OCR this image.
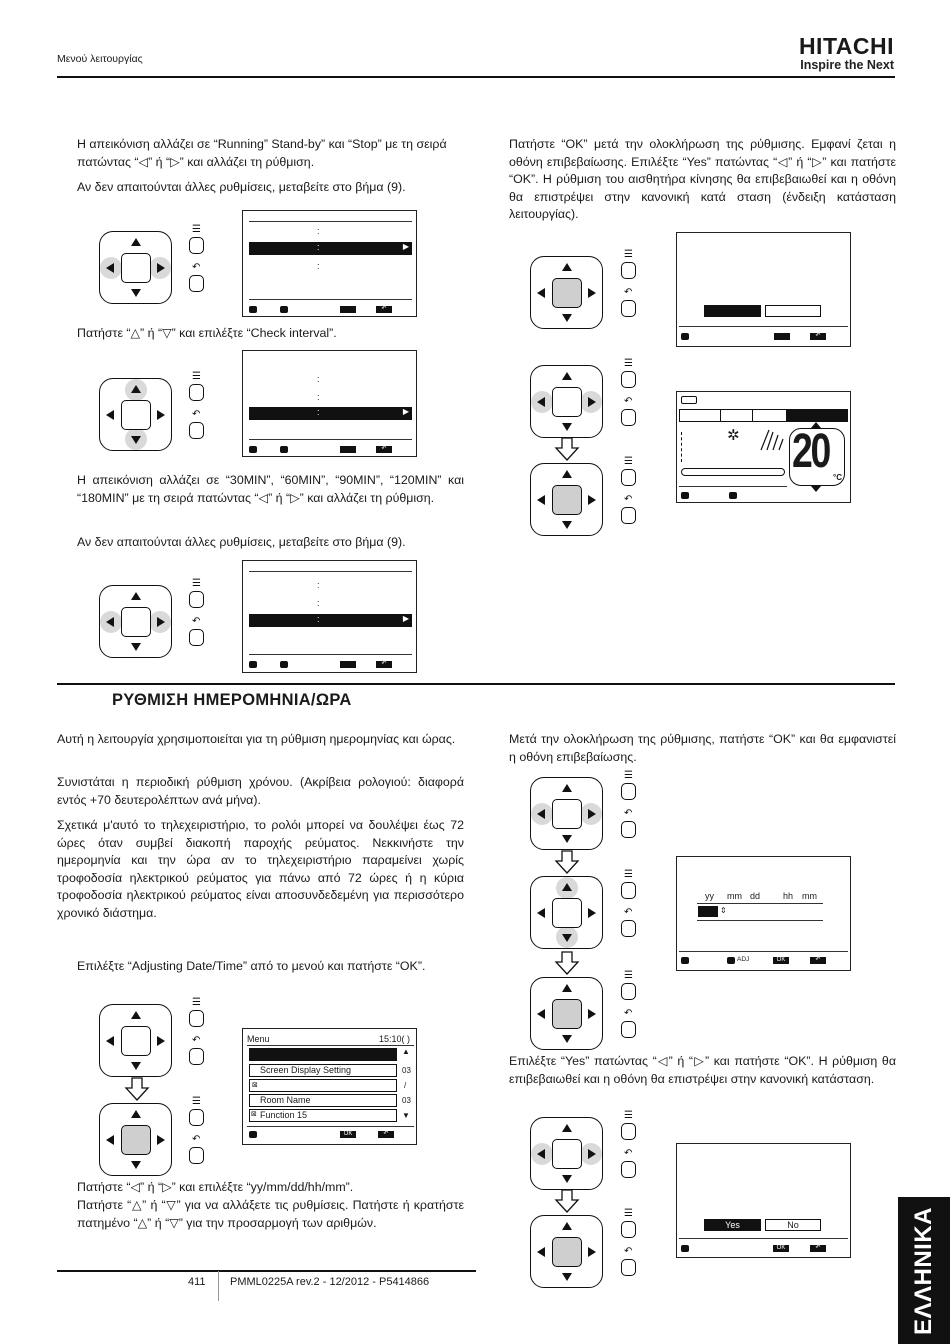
Μενού λειτουργίας	HITACHI
Inspire the Next
Η απεικόνιση αλλάζει σε “Running” Stand-by” και “Stop” με τη σειρά πατώντας “◁” ή “▷” και αλλάζει τη ρύθμιση.
Αν δεν απαιτούνται άλλες ρυθμίσεις, μεταβείτε στο βήμα (9).
☰
↶
:
:	▶
:
↶
Πατήστε “△” ή “▽” και επιλέξτε “Check interval”.
☰
↶
:
:
:	▶
↶
Η απεικόνιση αλλάζει σε “30MIN”, “60MIN”, “90MIN”, “120MIN” και “180MIN” με τη σειρά πατώντας “◁” ή “▷” και αλλάζει τη ρύθμιση.
Αν δεν απαιτούνται άλλες ρυθμίσεις, μεταβείτε στο βήμα (9).
☰
↶
:
:
:	▶
↶
Πατήστε “OK” μετά την ολοκλήρωση της ρύθμισης. Εμφανί ζεται η οθόνη επιβεβαίωσης. Επιλέξτε “Yes” πατώντας “◁” ή “▷” και πατήστε “OK”. Η ρύθμιση του αισθητήρα κίνησης θα επιβεβαιωθεί και η οθόνη θα επιστρέψει στην κανονική κατά σταση (ένδειξη κατάσταση λειτουργίας).
☰
↶
↶
☰
↶
☰
↶
✲ 20 °C
ΡΥΘΜΙΣΗ ΗΜΕΡΟΜΗΝΙΑ/ΩΡΑ
Αυτή η λειτουργία χρησιμοποιείται για τη ρύθμιση ημερομηνίας και ώρας.
Συνιστάται η περιοδική ρύθμιση χρόνου. (Ακρίβεια ρολογιού: διαφορά εντός +70 δευτερολέπτων ανά μήνα).
Σχετικά μ'αυτό το τηλεχειριστήριο, το ρολόι μπορεί να δουλέψει έως 72 ώρες όταν συμβεί διακοπή παροχής ρεύματος. Νεκκινήστε την ημερομηνία και την ώρα αν το τηλεχειριστήριο παραμείνει χωρίς τροφοδοσία ηλεκτρικού ρεύματος για πάνω από 72 ώρες ή η κύρια τροφοδοσία ηλεκτρικού ρεύματος είναι αποσυνδεδεμένη για περισσότερο χρονικό διάστημα.
Επιλέξτε “Adjusting Date/Time” από το μενού και πατήστε “OK”.
☰
↶
☰
↶
Menu	15:10( )
▲
Screen Display Setting	03
⊠	/
Room Name	03
Function 15
⊠	▼
OK	↶
Πατήστε “◁” ή “▷” και επιλέξτε “yy/mm/dd/hh/mm”.
Πατήστε “△” ή “▽” για να αλλάξετε τις ρυθμίσεις. Πατήστε ή κρατήστε πατημένο “△” ή “▽” για την προσαρμογή των αριθμών.
Μετά την ολοκλήρωση της ρύθμισης, πατήστε “OK” και θα εμφανιστεί η οθόνη επιβεβαίωσης.
☰
↶
☰
↶
☰
↶
yy mm dd	hh mm
⇕
ADJ	OK	↶
Επιλέξτε “Yes” πατώντας “◁” ή “▷” και πατήστε “OK”. Η ρύθμιση θα επιβεβαιωθεί και η οθόνη θα επιστρέψει στην κανονική κατάσταση.
☰
↶
☰
↶
Yes	No
OK	↶
411 PMML0225A rev.2 - 12/2012 - P5414866	ΕΛΛΗΝΙΚΑ
